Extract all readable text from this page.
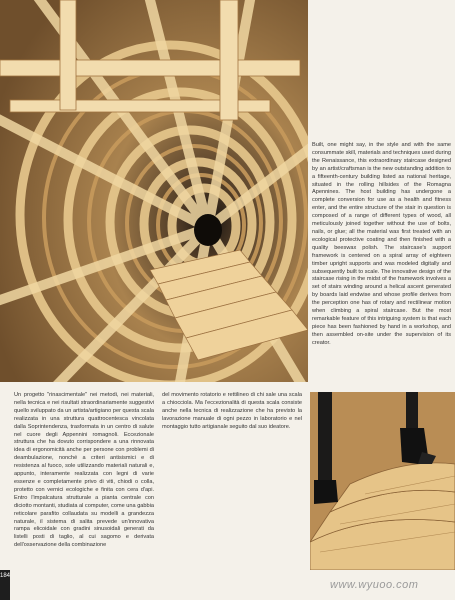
Built, one might say, in the style and with the same consummate skill, materials and techniques used during the Renaissance, this extraordinary staircase designed by an artist/craftsman is the new outstanding addition to a fifteenth-century building listed as national heritage, situated in the rolling hillsides of the Romagna Apennines. The host building has undergone a complete conversion for use as a health and fitness enter, and the entire structure of the stair in question is composed of a range of different types of wood, all meticulously joined together without the use of bolts, nails, or glue; all the material was first treated with an ecological protective coating and then finished with a quality beeswax polish. The staircase's support framework is centered on a spiral array of eighteen timber upright supports and was modeled digitally and subsequently built to scale. The innovative design of the staircase rising in the midst of the framework involves a set of stairs winding around a helical ascent generated by boards laid endwise and whose profile derives from the perception one has of rotary and rectilinear motion when climbing a spiral staircase. But the most remarkable feature of this intriguing system is that each piece has been fashioned by hand in a workshop, and then assembled on-site under the supervision of its creator.
Un progetto "rinascimentale" nei metodi, nei materiali, nella tecnica e nei risultati straordinariamente suggestivi quello sviluppato da un artista/artigiano per questa scala realizzata in una struttura quattrocentesca vincolata dalla Soprintendenza, trasformata in un centro di salute nel cuore degli Appennini romagnoli. Eccezionale struttura che ha dovuto corrispondere a una rinnovata idea di ergonomicità anche per persone con problemi di deambulazione, nonché a criteri antisismici e di resistenza al fuoco, sole utilizzando materiali naturali e, appunto, interamente realizzata con legni di varie essenze e completamente privo di viti, chiodi o colla, protetto con vernici ecologiche e finita con cera d'api. Entro l'impalcatura strutturale a pianta centrale con diciotto montanti, studiata al computer, come una gabbia reticolare parafito collaudata su modelli a grandezza naturale, il sistema di salita prevede un'innovativa rampa elicoidale con gradini sinusoidali generati da listelli posti di taglio, al cui sagomo e derivata dell'osservazione della combinazione
del movimento rotatorio e rettilineo di chi sale una scala a chiocciola. Ma l'eccezionalità di questa scala consiste anche nella tecnica di realizzazione che ha previsto la lavorazione manuale di ogni pezzo in laboratorio e nel montaggio tutto artigianale seguito dal suo ideatore.
184
www.wyuoo.com
